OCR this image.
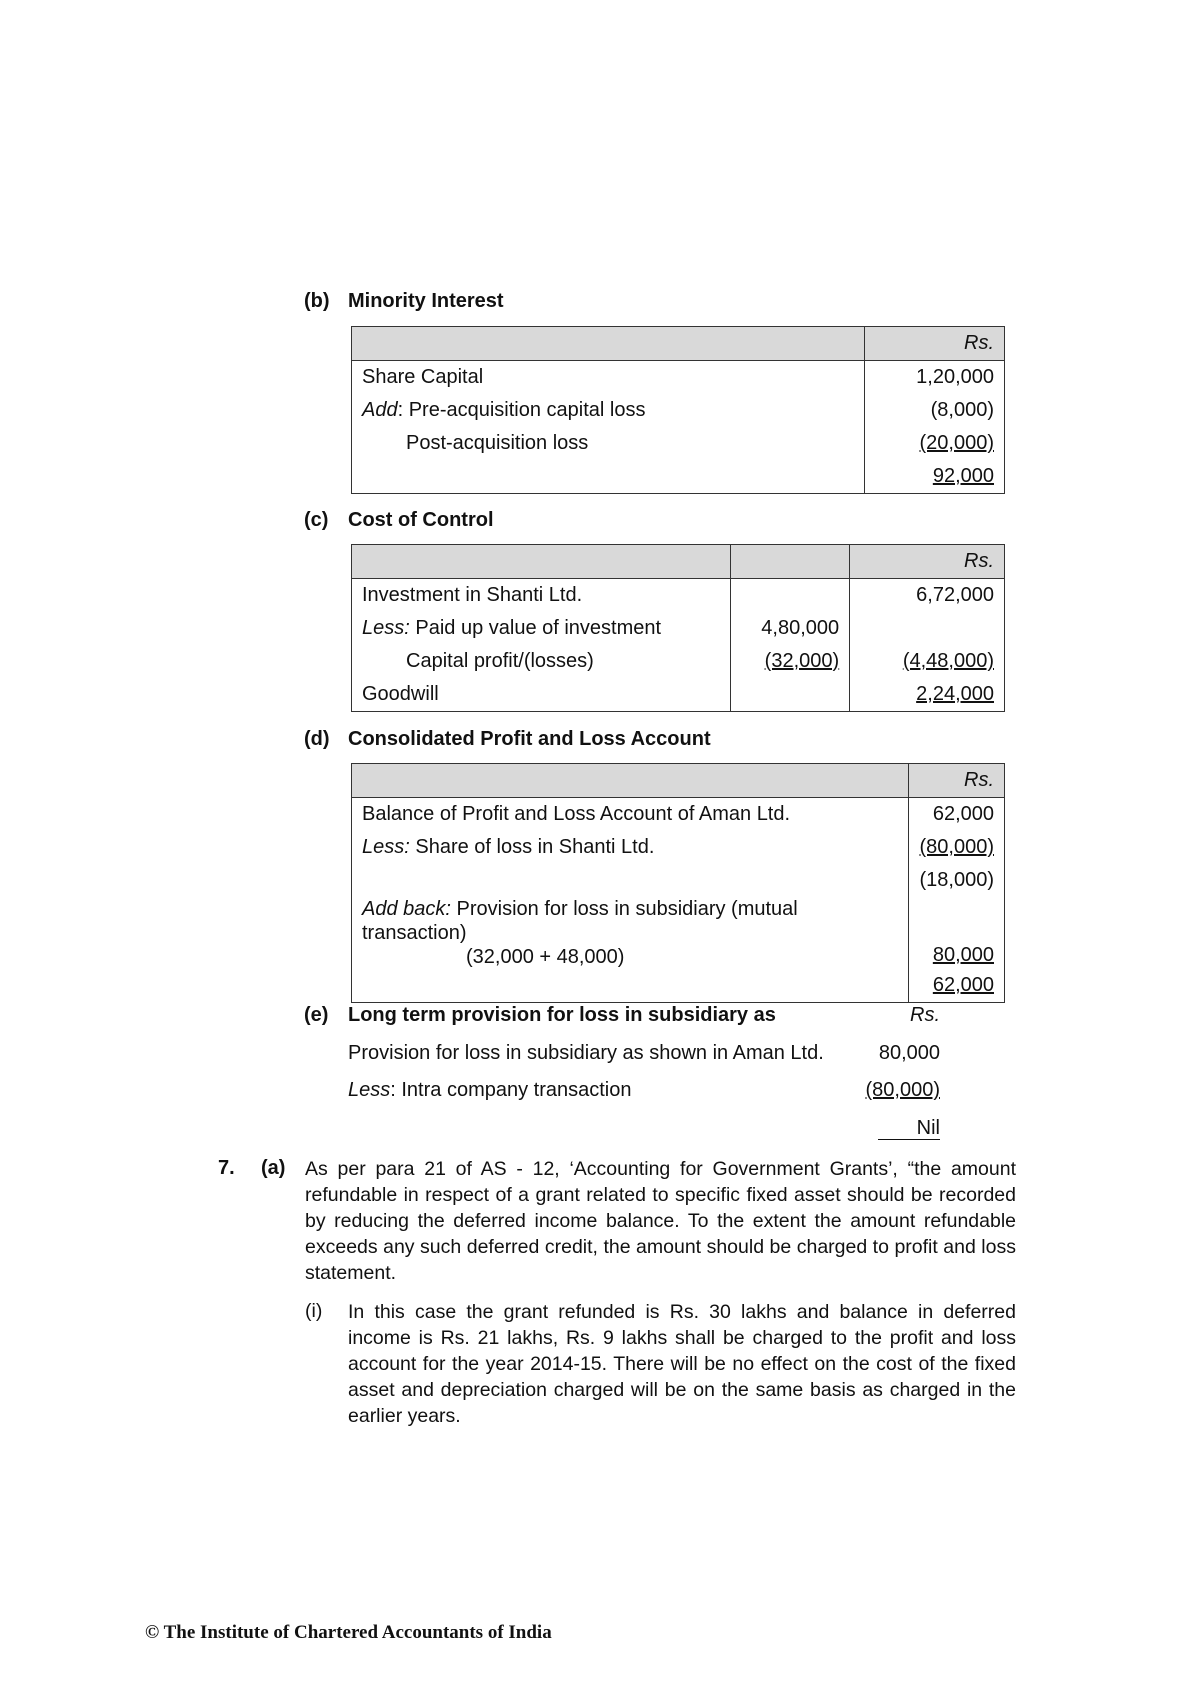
(b) Minority Interest
	Rs.
Share Capital	1,20,000
Add: Pre-acquisition capital loss	(8,000)
Post-acquisition loss	(20,000)
	92,000
(c) Cost of Control
		Rs.
Investment in Shanti Ltd.		6,72,000
Less: Paid up value of investment	4,80,000	
Capital profit/(losses)	(32,000)	(4,48,000)
Goodwill		2,24,000
(d) Consolidated Profit and Loss Account
	Rs.
Balance of Profit and Loss Account of Aman Ltd.	62,000
Less: Share of loss in Shanti Ltd.	(80,000)
	(18,000)
Add back: Provision for loss in subsidiary (mutual transaction)
(32,000 + 48,000)	80,000
	62,000
(e) Long term provision for loss in subsidiary as	Rs.
Provision for loss in subsidiary as shown in Aman Ltd.	80,000
Less: Intra company transaction	(80,000)
Nil
7. (a) As per para 21 of AS - 12, ‘Accounting for Government Grants’, “the amount refundable in respect of a grant related to specific fixed asset should be recorded by reducing the deferred income balance. To the extent the amount refundable exceeds any such deferred credit, the amount should be charged to profit and loss statement.
(i) In this case the grant refunded is Rs. 30 lakhs and balance in deferred income is Rs. 21 lakhs, Rs. 9 lakhs shall be charged to the profit and loss account for the year 2014-15. There will be no effect on the cost of the fixed asset and depreciation charged will be on the same basis as charged in the earlier years.
© The Institute of Chartered Accountants of India
